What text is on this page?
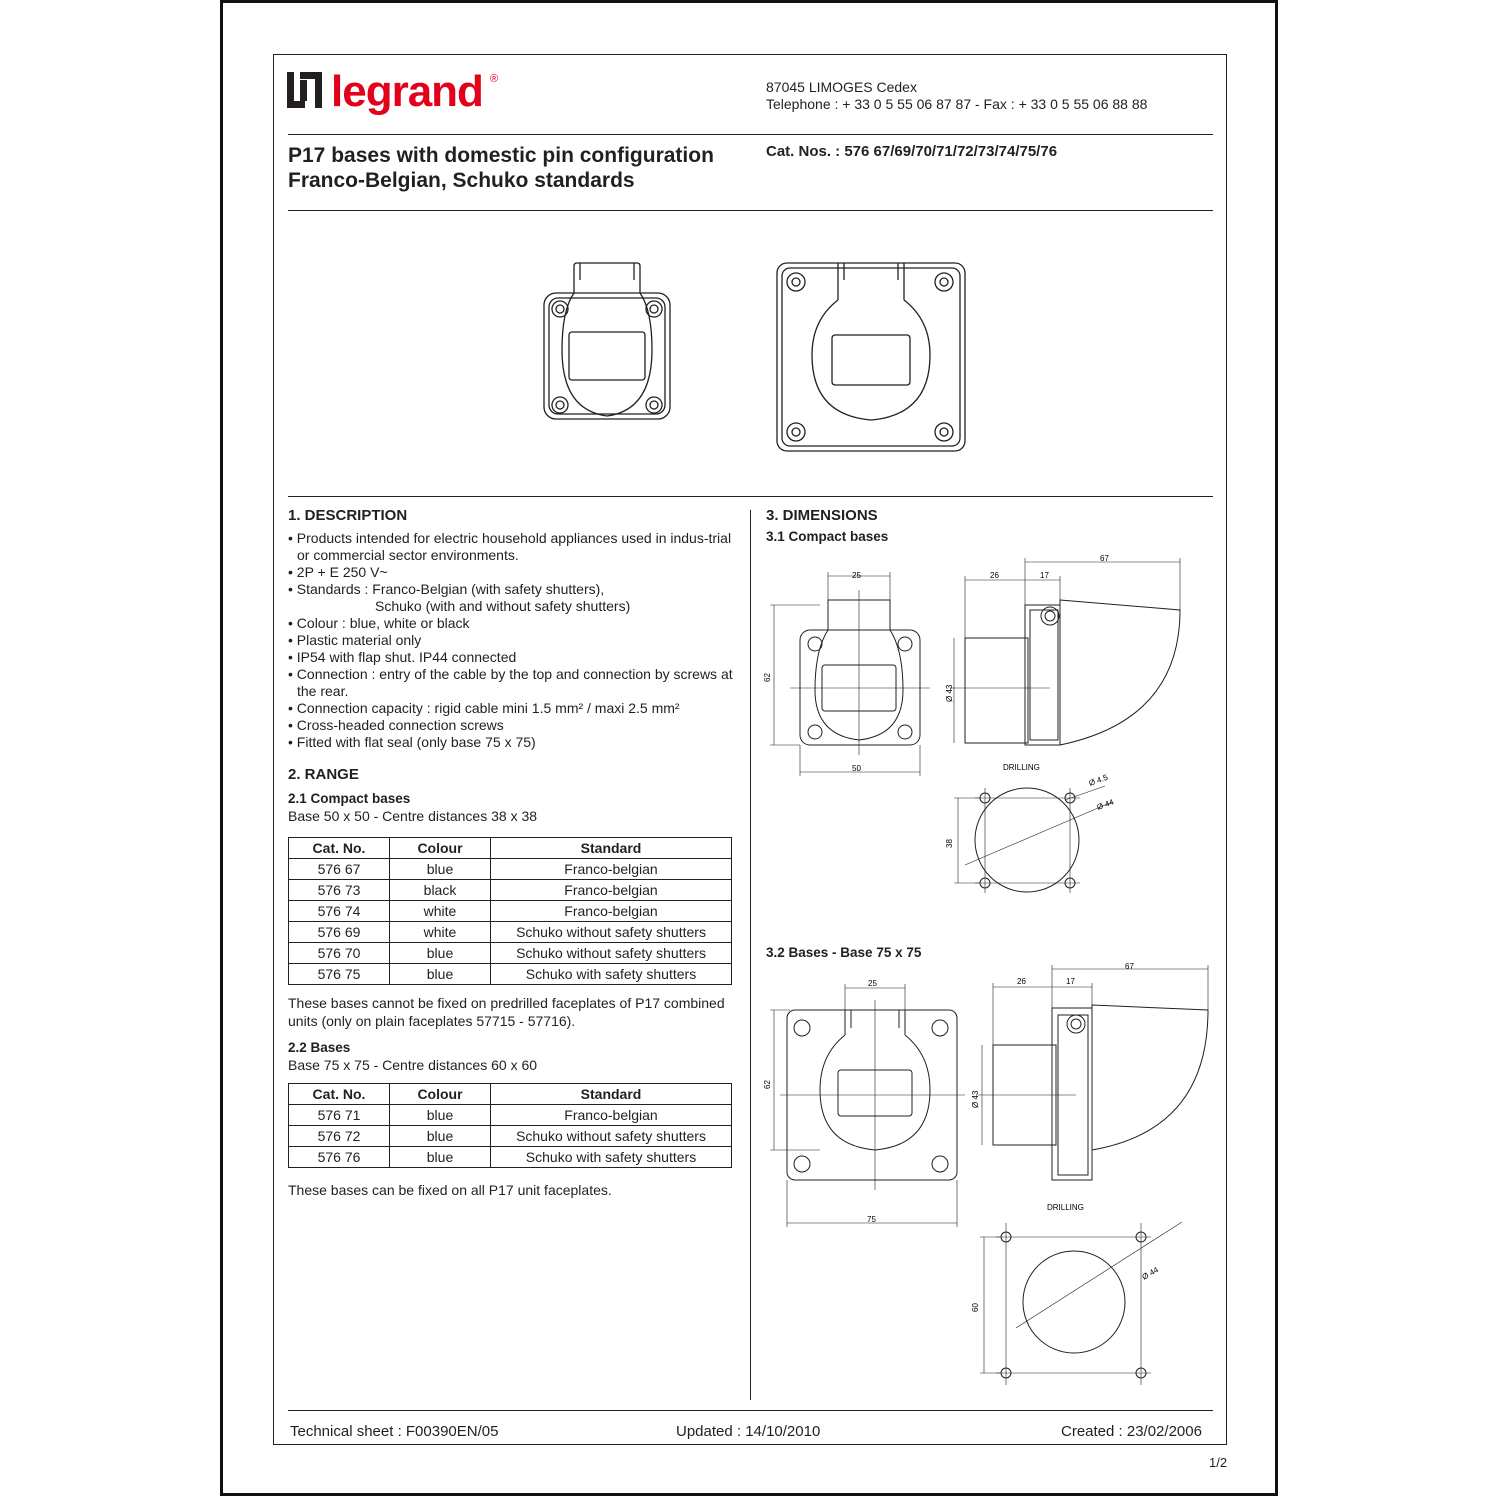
legrand ®	87045 LIMOGES Cedex
Telephone : + 33 0 5 55 06 87 87 - Fax : + 33 0 5 55 06 88 88
P17 bases with domestic pin configuration
Franco-Belgian, Schuko standards
Cat. Nos. : 576 67/69/70/71/72/73/74/75/76
1. DESCRIPTION
• Products intended for electric household appliances used in indus-trial or commercial sector environments.
• 2P + E 250 V~
• Standards : Franco-Belgian (with safety shutters),
Schuko (with and without safety shutters)
• Colour : blue, white or black
• Plastic material only
• IP54 with flap shut. IP44 connected
• Connection : entry of the cable by the top and connection by screws at the rear.
• Connection capacity : rigid cable mini 1.5 mm² / maxi 2.5 mm²
• Cross-headed connection screws
• Fitted with flat seal (only base 75 x 75)
2. RANGE
2.1 Compact bases
Base 50 x 50 - Centre distances 38 x 38
Cat. No.	Colour	Standard
576 67	blue	Franco-belgian
576 73	black	Franco-belgian
576 74	white	Franco-belgian
576 69	white	Schuko without safety shutters
576 70	blue	Schuko without safety shutters
576 75	blue	Schuko with safety shutters
These bases cannot be fixed on predrilled faceplates of P17 combined units (only on plain faceplates 57715 - 57716).
2.2 Bases
Base 75 x 75 - Centre distances 60 x 60
Cat. No.	Colour	Standard
576 71	blue	Franco-belgian
576 72	blue	Schuko without safety shutters
576 76	blue	Schuko with safety shutters
These bases can be fixed on all P17 unit faceplates.
3. DIMENSIONS
3.1 Compact bases
3.2 Bases - Base 75 x 75
25
62
50
67
26	17
Ø 43
DRILLING
Ø 4.5
Ø 44
38
25
62
75
67
26	17
Ø 43
DRILLING
Ø 44
60
Technical sheet : F00390EN/05	Updated : 14/10/2010	Created : 23/02/2006
1/2
